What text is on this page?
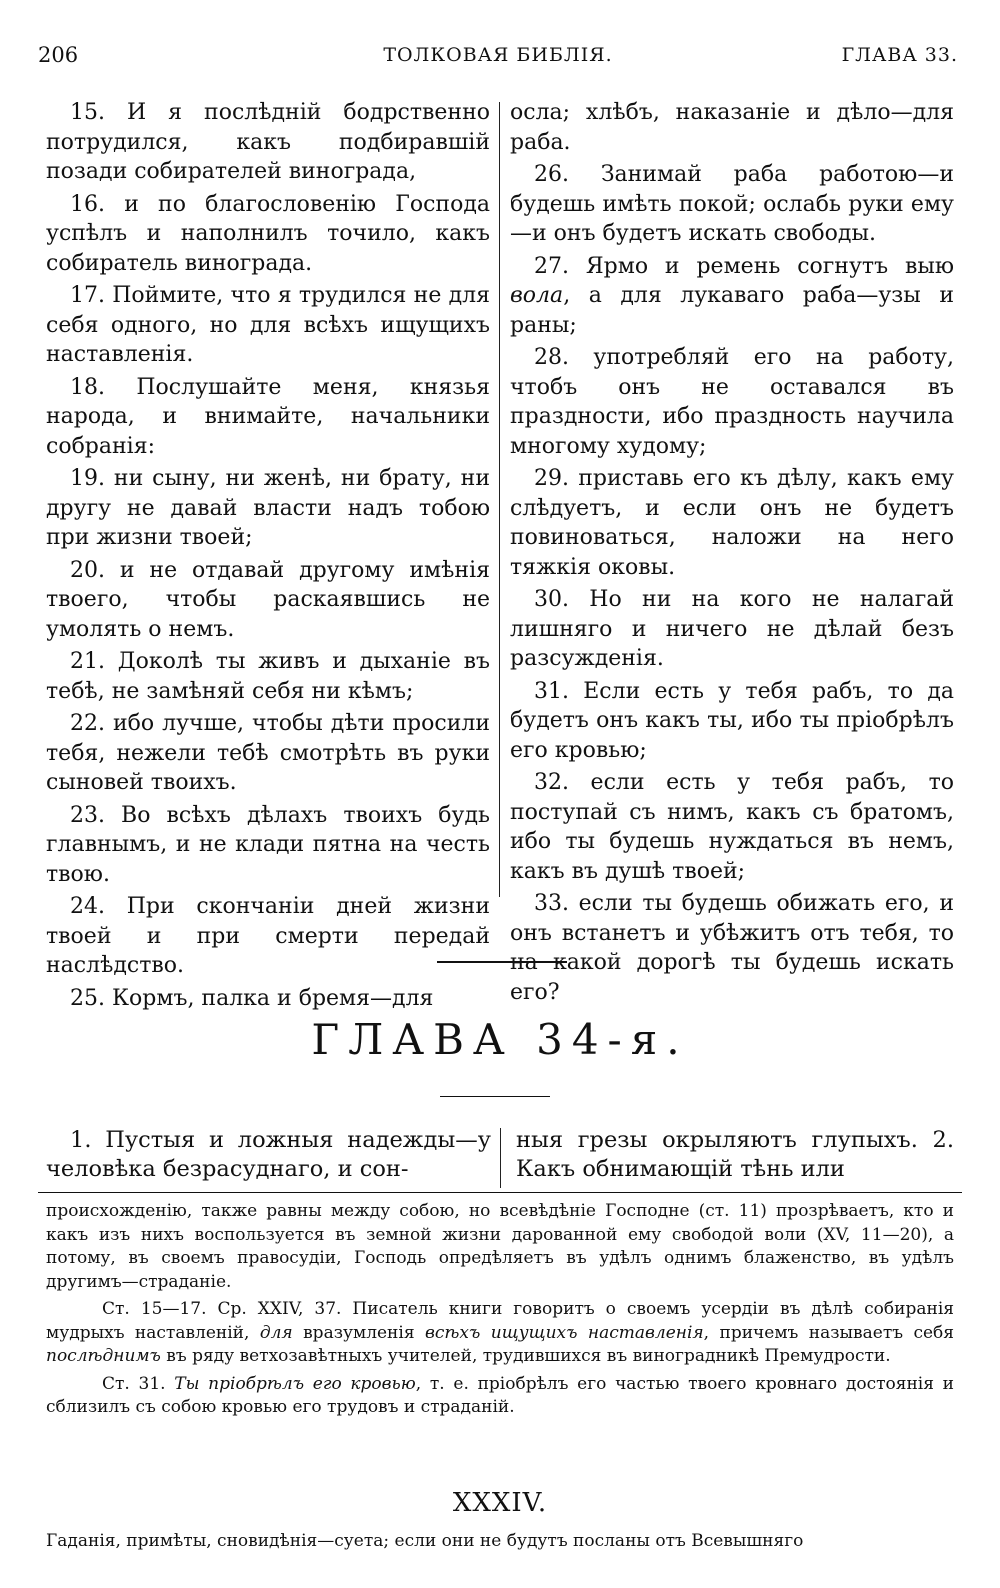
206	ТОЛКОВАЯ БИБЛІЯ.	ГЛАВА 33.

15. И я послѣдній бодрственно потрудился, какъ подбиравшій позади собирателей винограда,

16. и по благословенію Господа успѣлъ и наполнилъ точило, какъ собиратель винограда.

17. Поймите, что я трудился не для себя одного, но для всѣхъ ищущихъ наставленія.

18. Послушайте меня, князья народа, и внимайте, начальники собранія:

19. ни сыну, ни женѣ, ни брату, ни другу не давай власти надъ тобою при жизни твоей;

20. и не отдавай другому имѣнія твоего, чтобы раскаявшись не умолять о немъ.

21. Доколѣ ты живъ и дыханіе въ тебѣ, не замѣняй себя ни кѣмъ;

22. ибо лучше, чтобы дѣти просили тебя, нежели тебѣ смотрѣть въ руки сыновей твоихъ.

23. Во всѣхъ дѣлахъ твоихъ будь главнымъ, и не клади пятна на честь твою.

24. При скончаніи дней жизни твоей и при смерти передай наслѣдство.

25. Кормъ, палка и бремя—для

осла; хлѣбъ, наказаніе и дѣло—для раба.

26. Занимай раба работою—и будешь имѣть покой; ослабь руки ему—и онъ будетъ искать свободы.

27. Ярмо и ремень согнутъ выю вола, а для лукаваго раба—узы и раны;

28. употребляй его на работу, чтобъ онъ не оставался въ праздности, ибо праздность научила многому худому;

29. приставь его къ дѣлу, какъ ему слѣдуетъ, и если онъ не будетъ повиноваться, наложи на него тяжкія оковы.

30. Но ни на кого не налагай лишняго и ничего не дѣлай безъ разсужденія.

31. Если есть у тебя рабъ, то да будетъ онъ какъ ты, ибо ты пріобрѣлъ его кровью;

32. если есть у тебя рабъ, то поступай съ нимъ, какъ съ братомъ, ибо ты будешь нуждаться въ немъ, какъ въ душѣ твоей;

33. если ты будешь обижать его, и онъ встанетъ и убѣжитъ отъ тебя, то на какой дорогѣ ты будешь искать его?

ГЛАВА 34-я.

1. Пустыя и ложныя надежды—у человѣка безрасуднаго, и сон-

ныя грезы окрыляютъ глупыхъ. 2. Какъ обнимающій тѣнь или

происхожденію, также равны между собою, но всевѣдѣніе Господне (ст. 11) прозрѣваетъ, кто и какъ изъ нихъ воспользуется въ земной жизни дарованной ему свободой воли (XV, 11—20), а потому, въ своемъ правосудіи, Господь опредѣляетъ въ удѣлъ однимъ блаженство, въ удѣлъ другимъ—страданіе.

Ст. 15—17. Ср. XXIV, 37. Писатель книги говоритъ о своемъ усердіи въ дѣлѣ собиранія мудрыхъ наставленій, для вразумленія всѣхъ ищущихъ наставленія, причемъ называетъ себя послѣднимъ въ ряду ветхозавѣтныхъ учителей, трудившихся въ виноградникѣ Премудрости.

Ст. 31. Ты пріобрѣлъ его кровью, т. е. пріобрѣлъ его частью твоего кровнаго достоянія и сблизилъ съ собою кровью его трудовъ и страданій.

XXXIV.
Гаданія, примѣты, сновидѣнія—суета; если они не будутъ посланы отъ Всевышняго
